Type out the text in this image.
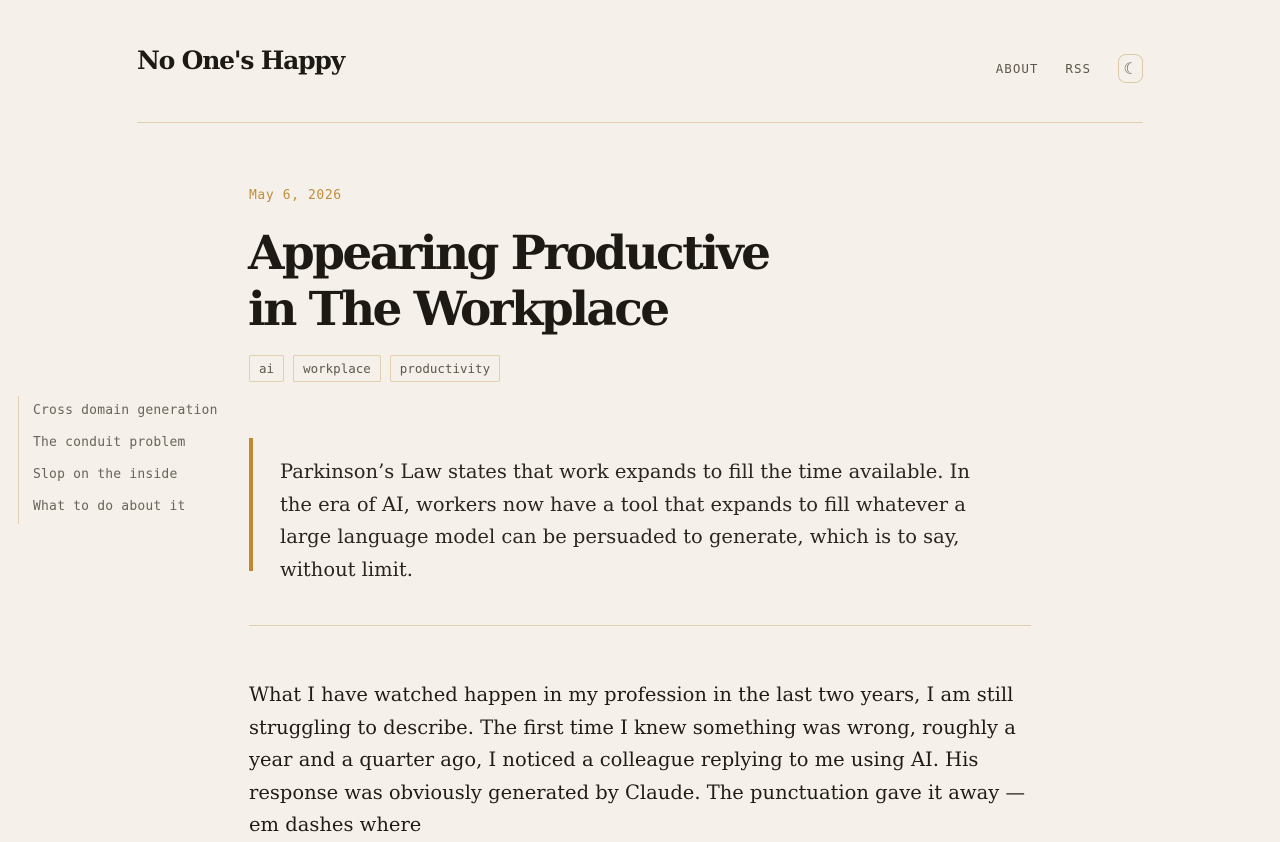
No One's Happy	ABOUT RSS ☾
Cross domain generation
The conduit problem
Slop on the inside
What to do about it
May 6, 2026
Appearing Productive in The Workplace
ai	workplace	productivity
Parkinson’s Law states that work expands to fill the time available. In the era of AI, workers now have a tool that expands to fill whatever a large language model can be persuaded to generate, which is to say, without limit.

What I have watched happen in my profession in the last two years, I am still struggling to describe. The first time I knew something was wrong, roughly a year and a quarter ago, I noticed a colleague replying to me using AI. His response was obviously generated by Claude. The punctuation gave it away — em dashes where
